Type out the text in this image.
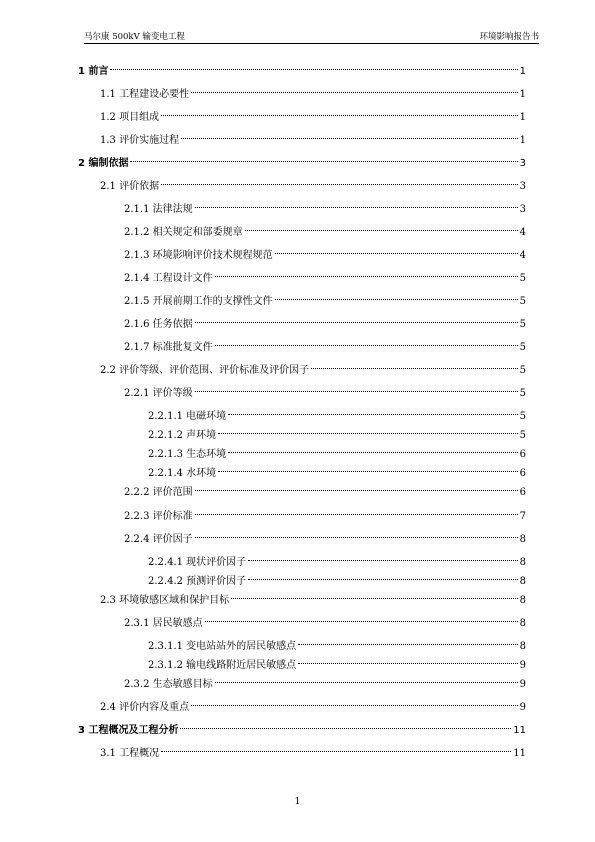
马尔康 500kV 输变电工程	环境影响报告书
1 前言	1
1.1 工程建设必要性	1
1.2 项目组成	1
1.3 评价实施过程	1
2 编制依据	3
2.1 评价依据	3
2.1.1 法律法规	3
2.1.2 相关规定和部委规章	4
2.1.3 环境影响评价技术规程规范	4
2.1.4 工程设计文件	5
2.1.5 开展前期工作的支撑性文件	5
2.1.6 任务依据	5
2.1.7 标准批复文件	5
2.2 评价等级、评价范围、评价标准及评价因子	5
2.2.1 评价等级	5
2.2.1.1 电磁环境	5
2.2.1.2 声环境	5
2.2.1.3 生态环境	6
2.2.1.4 水环境	6
2.2.2 评价范围	6
2.2.3 评价标准	7
2.2.4 评价因子	8
2.2.4.1 现状评价因子	8
2.2.4.2 预测评价因子	8
2.3 环境敏感区域和保护目标	8
2.3.1 居民敏感点	8
2.3.1.1 变电站站外的居民敏感点	8
2.3.1.2 输电线路附近居民敏感点	9
2.3.2 生态敏感目标	9
2.4 评价内容及重点	9
3 工程概况及工程分析	11
3.1 工程概况	11
1
